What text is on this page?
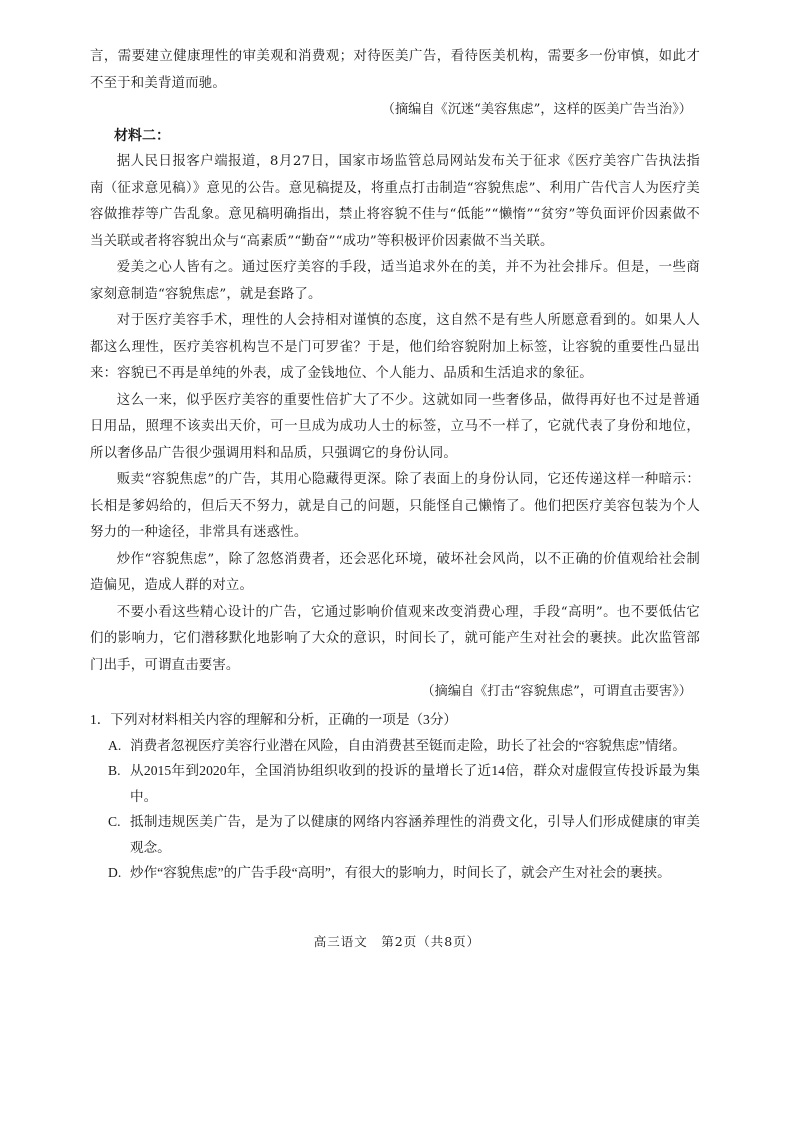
言，需要建立健康理性的审美观和消费观；对待医美广告，看待医美机构，需要多一份审慎，如此才不至于和美背道而驰。

（摘编自《沉迷“美容焦虑”，这样的医美广告当治》）

材料二：

据人民日报客户端报道，8月27日，国家市场监管总局网站发布关于征求《医疗美容广告执法指南（征求意见稿）》意见的公告。意见稿提及，将重点打击制造“容貌焦虑”、利用广告代言人为医疗美容做推荐等广告乱象。意见稿明确指出，禁止将容貌不佳与“低能”“懒惰”“贫穷”等负面评价因素做不当关联或者将容貌出众与“高素质”“勤奋”“成功”等积极评价因素做不当关联。

爱美之心人皆有之。通过医疗美容的手段，适当追求外在的美，并不为社会排斥。但是，一些商家刻意制造“容貌焦虑”，就是套路了。

对于医疗美容手术，理性的人会持相对谨慎的态度，这自然不是有些人所愿意看到的。如果人人都这么理性，医疗美容机构岂不是门可罗雀？于是，他们给容貌附加上标签，让容貌的重要性凸显出来：容貌已不再是单纯的外表，成了金钱地位、个人能力、品质和生活追求的象征。

这么一来，似乎医疗美容的重要性倍扩大了不少。这就如同一些奢侈品，做得再好也不过是普通日用品，照理不该卖出天价，可一旦成为成功人士的标签，立马不一样了，它就代表了身份和地位，所以奢侈品广告很少强调用料和品质，只强调它的身份认同。

贩卖“容貌焦虑”的广告，其用心隐藏得更深。除了表面上的身份认同，它还传递这样一种暗示：长相是爹妈给的，但后天不努力，就是自己的问题，只能怪自己懒惰了。他们把医疗美容包装为个人努力的一种途径，非常具有迷惑性。

炒作“容貌焦虑”，除了忽悠消费者，还会恶化环境，破坏社会风尚，以不正确的价值观给社会制造偏见，造成人群的对立。

不要小看这些精心设计的广告，它通过影响价值观来改变消费心理，手段“高明”。也不要低估它们的影响力，它们潜移默化地影响了大众的意识，时间长了，就可能产生对社会的裹挟。此次监管部门出手，可谓直击要害。

（摘编自《打击“容貌焦虑”，可谓直击要害》）

1．下列对材料相关内容的理解和分析，正确的一项是（3分）

A. 消费者忽视医疗美容行业潜在风险，自由消费甚至铤而走险，助长了社会的“容貌焦虑”情绪。
B. 从2015年到2020年，全国消协组织收到的投诉的量增长了近14倍，群众对虚假宣传投诉最为集中。
C. 抵制违规医美广告，是为了以健康的网络内容涵养理性的消费文化，引导人们形成健康的审美观念。
D. 炒作“容貌焦虑”的广告手段“高明”，有很大的影响力，时间长了，就会产生对社会的裹挟。
高三语文　第2页（共8页）
